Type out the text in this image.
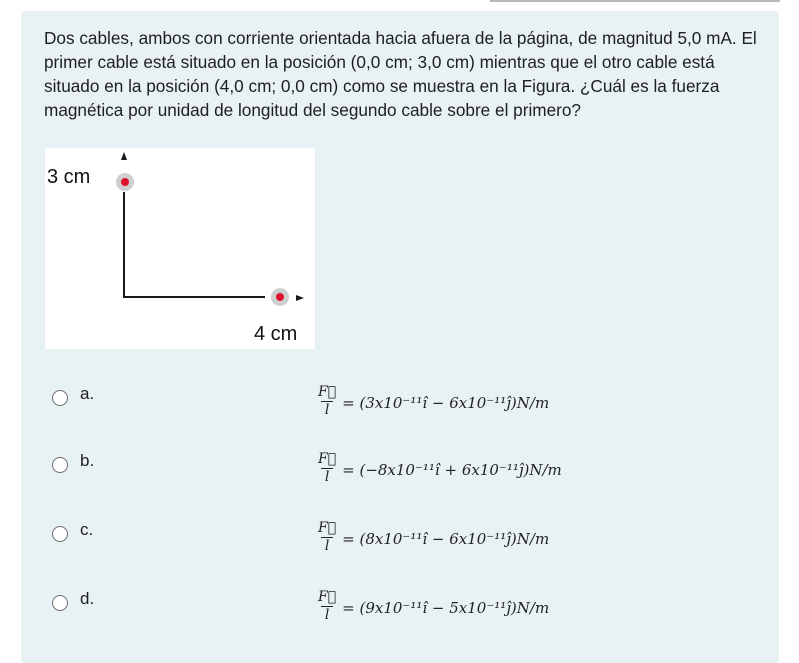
Dos cables, ambos con corriente orientada hacia afuera de la página, de magnitud 5,0 mA. El primer cable está situado en la posición (0,0 cm; 3,0 cm) mientras que el otro cable está situado en la posición (4,0 cm; 0,0 cm) como se muestra en la Figura. ¿Cuál es la fuerza magnética por unidad de longitud del segundo cable sobre el primero?
3 cm
4 cm
a.	$\frac{F⃗}{l}$ = (3x10⁻¹¹î − 6x10⁻¹¹ĵ)N/m
b.	$\frac{F⃗}{l}$ = (−8x10⁻¹¹î + 6x10⁻¹¹ĵ)N/m
c.	$\frac{F⃗}{l}$ = (8x10⁻¹¹î − 6x10⁻¹¹ĵ)N/m
d.	$\frac{F⃗}{l}$ = (9x10⁻¹¹î − 5x10⁻¹¹ĵ)N/m
